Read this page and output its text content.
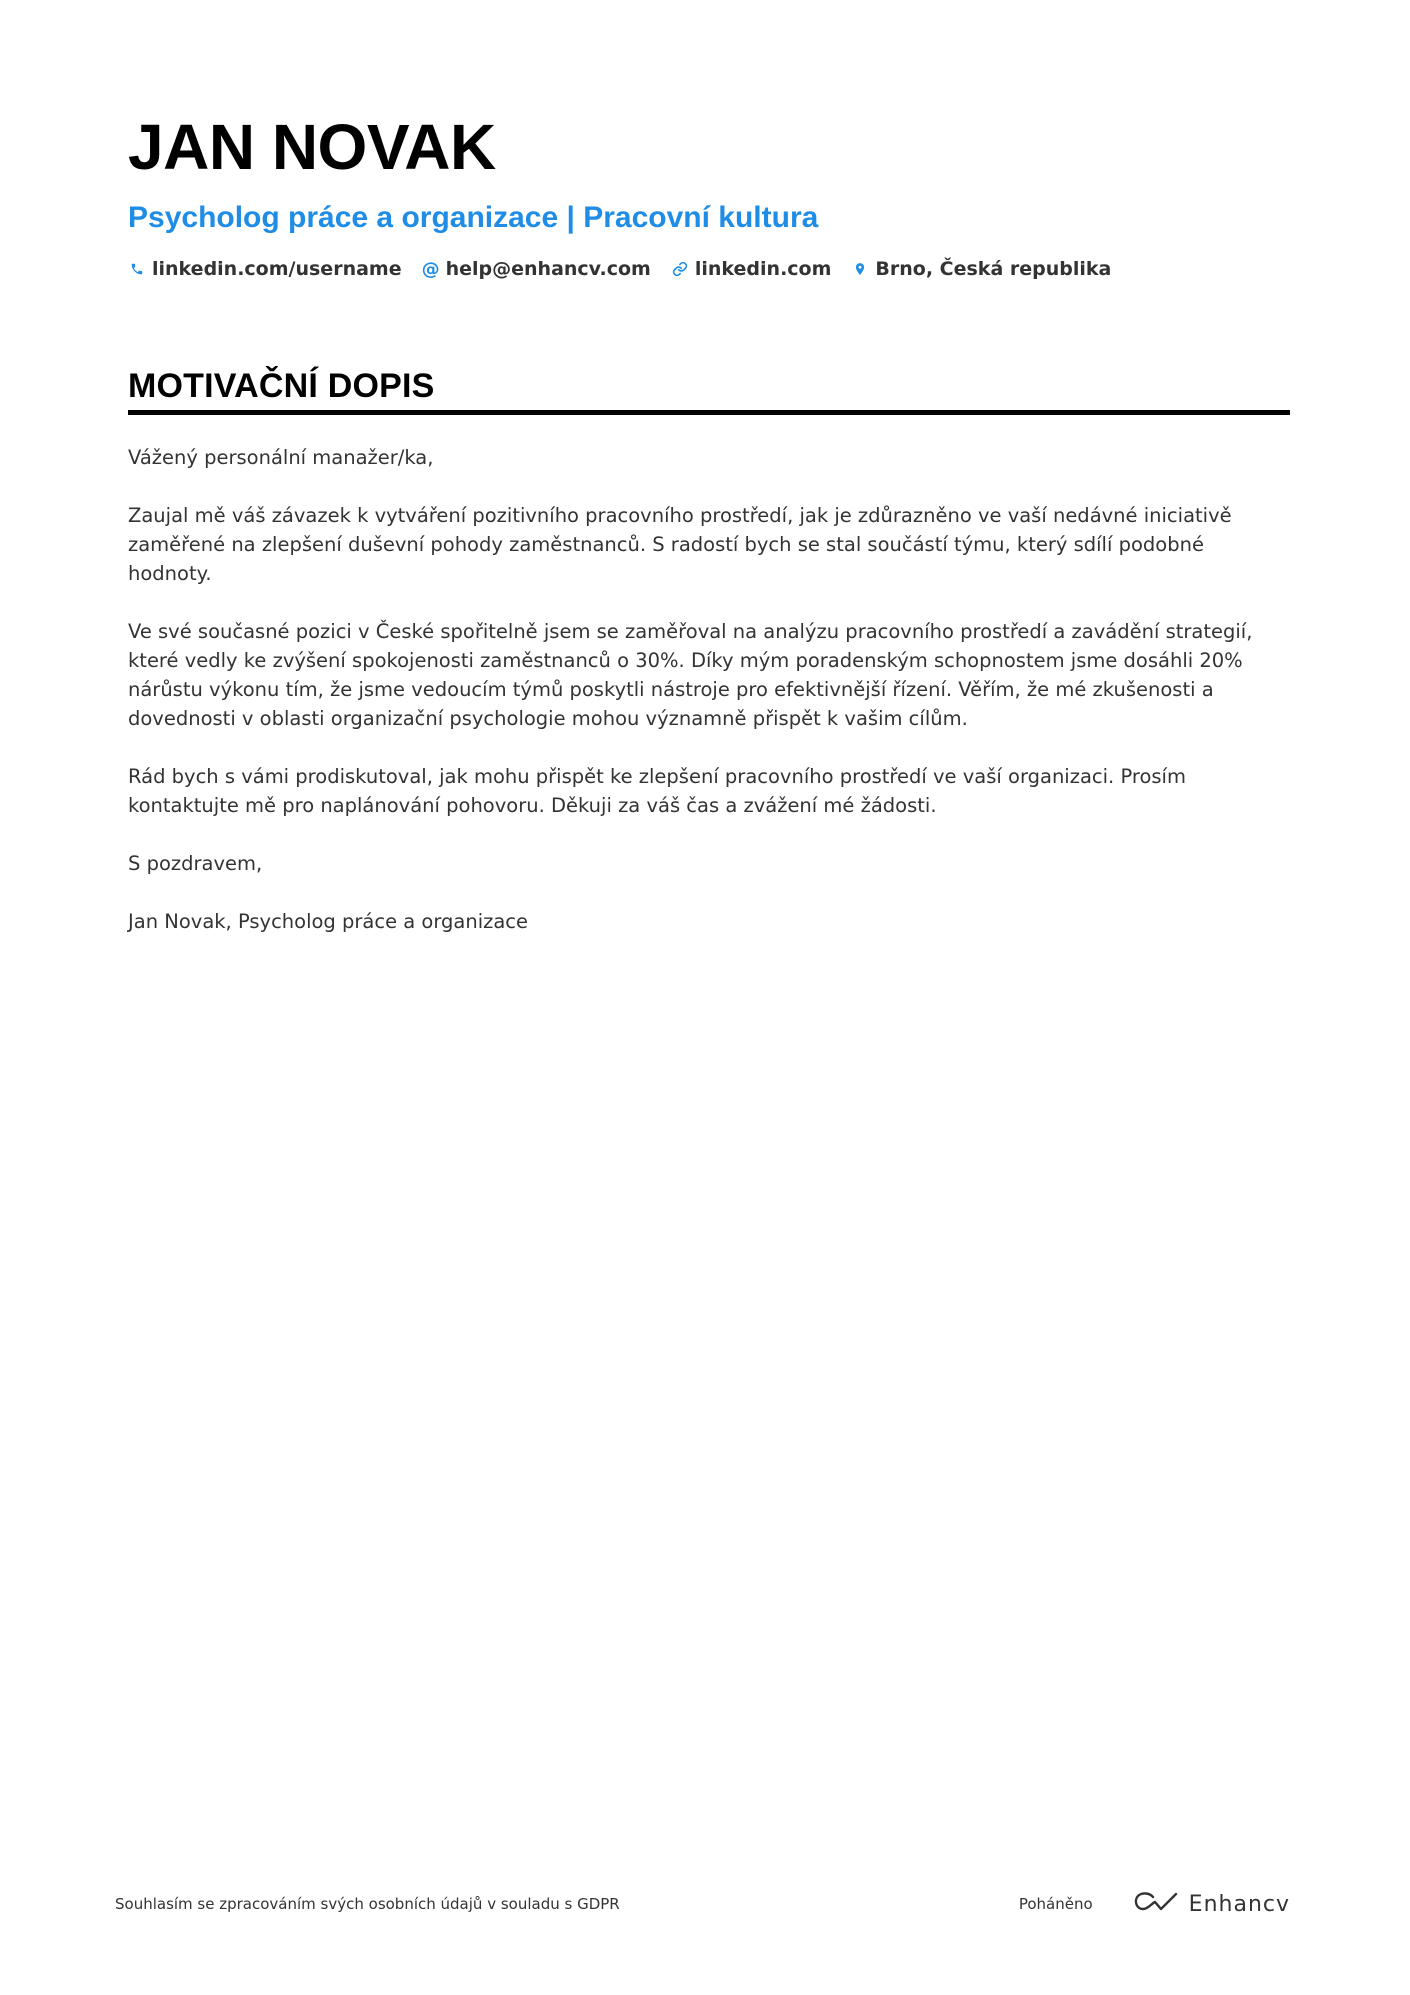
JAN NOVAK
Psycholog práce a organizace | Pracovní kultura
linkedin.com/username @ help@enhancv.com linkedin.com Brno, Česká republika
MOTIVAČNÍ DOPIS

Vážený personální manažer/ka,

Zaujal mě váš závazek k vytváření pozitivního pracovního prostředí, jak je zdůrazněno ve vaší nedávné iniciativě zaměřené na zlepšení duševní pohody zaměstnanců. S radostí bych se stal součástí týmu, který sdílí podobné hodnoty.

Ve své současné pozici v České spořitelně jsem se zaměřoval na analýzu pracovního prostředí a zavádění strategií, které vedly ke zvýšení spokojenosti zaměstnanců o 30%. Díky mým poradenským schopnostem jsme dosáhli 20% nárůstu výkonu tím, že jsme vedoucím týmů poskytli nástroje pro efektivnější řízení. Věřím, že mé zkušenosti a dovednosti v oblasti organizační psychologie mohou významně přispět k vašim cílům.

Rád bych s vámi prodiskutoval, jak mohu přispět ke zlepšení pracovního prostředí ve vaší organizaci. Prosím kontaktujte mě pro naplánování pohovoru. Děkuji za váš čas a zvážení mé žádosti.

S pozdravem,

Jan Novak, Psycholog práce a organizace

Souhlasím se zpracováním svých osobních údajů v souladu s GDPR	Poháněno	Enhancv
